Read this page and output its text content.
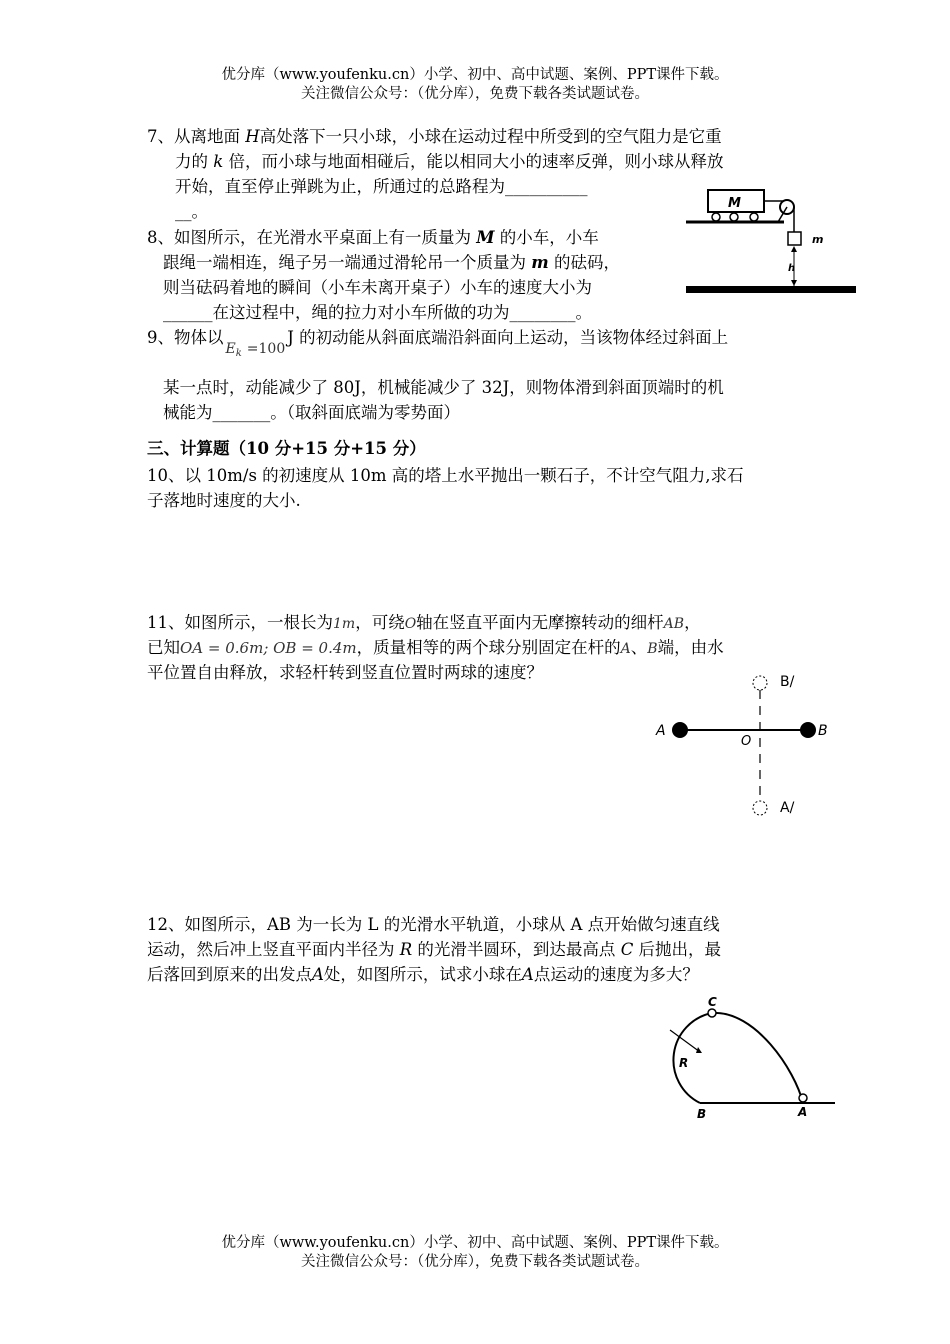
优分库（www.youfenku.cn）小学、初中、高中试题、案例、PPT课件下载。
关注微信公众号：（优分库），免费下载各类试题试卷。
7、从离地面 H高处落下一只小球，小球在运动过程中所受到的空气阻力是它重
力的 k 倍，而小球与地面相碰后，能以相同大小的速率反弹，则小球从释放
开始，直至停止弹跳为止，所通过的总路程为__________
__。
8、如图所示，在光滑水平桌面上有一质量为 M 的小车，小车
跟绳一端相连，绳子另一端通过滑轮吊一个质量为 m 的砝码，
则当砝码着地的瞬间（小车未离开桌子）小车的速度大小为
______在这过程中，绳的拉力对小车所做的功为________。
M
m
h
9、物体以Ek =100J 的初动能从斜面底端沿斜面向上运动，当该物体经过斜面上
某一点时，动能减少了 80J，机械能减少了 32J，则物体滑到斜面顶端时的机
械能为_______。（取斜面底端为零势面）
三、计算题（10 分+15 分+15 分）
10、以 10m/s 的初速度从 10m 高的塔上水平抛出一颗石子，不计空气阻力,求石
子落地时速度的大小.
11、如图所示，一根长为1m，可绕O轴在竖直平面内无摩擦转动的细杆AB，
已知OA = 0.6m; OB = 0.4m，质量相等的两个球分别固定在杆的A、B端，由水
平位置自由释放，求轻杆转到竖直位置时两球的速度？	B/
A	B
O
A/
12、如图所示，AB 为一长为 L 的光滑水平轨道，小球从 A 点开始做匀速直线
运动，然后冲上竖直平面内半径为 R 的光滑半圆环，到达最高点 C 后抛出，最
后落回到原来的出发点A处，如图所示，试求小球在A点运动的速度为多大？
C
R
B	A
优分库（www.youfenku.cn）小学、初中、高中试题、案例、PPT课件下载。
关注微信公众号：（优分库），免费下载各类试题试卷。
